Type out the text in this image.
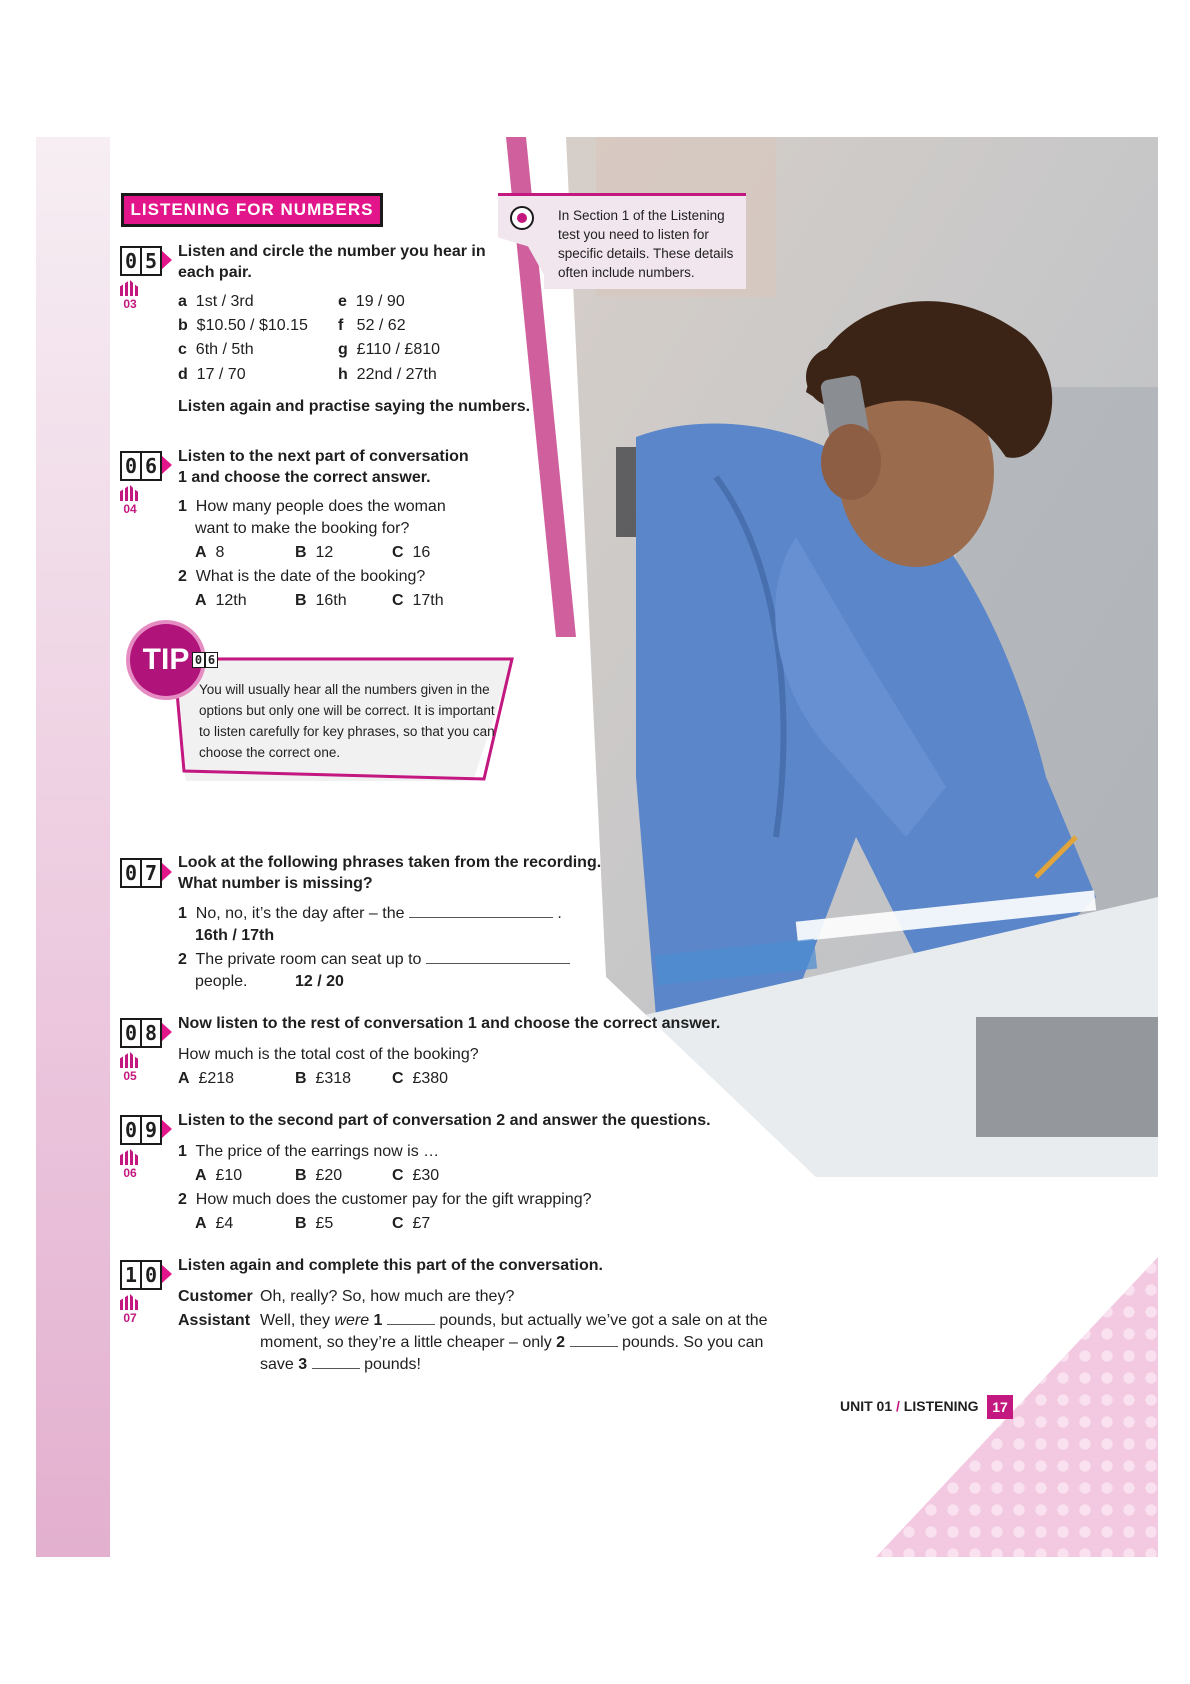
LISTENING FOR NUMBERS	In Section 1 of the Listening test you need to listen for specific details. These details often include numbers.
0 5
03
Listen and circle the number you hear in each pair.
a 1st / 3rd
b $10.50 / $10.15
c 6th / 5th
d 17 / 70
e 19 / 90
f 52 / 62
g £110 / £810
h 22nd / 27th
Listen again and practise saying the numbers.
0 6
04
Listen to the next part of conversation 1 and choose the correct answer.
1 How many people does the woman
want to make the booking for?
A 8	B 12	C 16
2 What is the date of the booking?
A 12th	B 16th	C 17th
TIP 0 6
You will usually hear all the numbers given in the options but only one will be correct. It is important to listen carefully for key phrases, so that you can choose the correct one.
0 7	Look at the following phrases taken from the recording.
What number is missing?
1 No, no, it’s the day after – the	.
16th / 17th
2 The private room can seat up to
people.	12 / 20
0 8
05
Now listen to the rest of conversation 1 and choose the correct answer.
How much is the total cost of the booking?
A £218	B £318	C £380
0 9
06
Listen to the second part of conversation 2 and answer the questions.
1 The price of the earrings now is …
A £10	B £20	C £30
2 How much does the customer pay for the gift wrapping?
A £4	B £5	C £7
1 0
07
Listen again and complete this part of the conversation.
Customer Oh, really? So, how much are they?
Assistant Well, they were 1	pounds, but actually we’ve got a sale on at the
moment, so they’re a little cheaper – only 2	pounds. So you can
save 3	pounds!
UNIT 01 / LISTENING 17
